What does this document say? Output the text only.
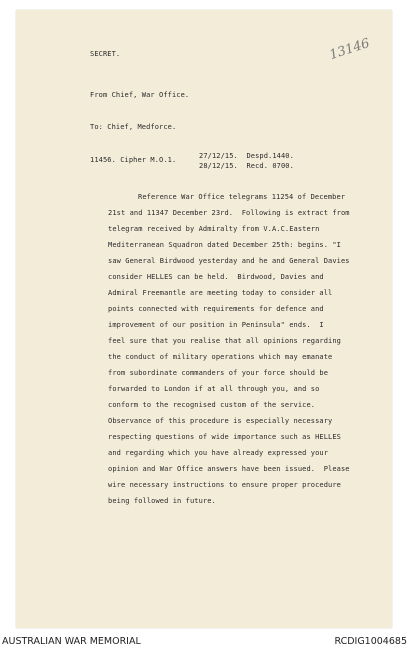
SECRET.	13146
From Chief, War Office.
To: Chief, Medforce.
11456. Cipher M.O.1.	27/12/15.  Despd.1440.
28/12/15.  Recd. 0700.
Reference War Office telegrams 11254 of December
21st and 11347 December 23rd.  Following is extract from
telegram received by Admiralty from V.A.C.Eastern
Mediterranean Squadron dated December 25th: begins. "I
saw General Birdwood yesterday and he and General Davies
consider HELLES can be held.  Birdwood, Davies and
Admiral Freemantle are meeting today to consider all
points connected with requirements for defence and
improvement of our position in Peninsula" ends.  I
feel sure that you realise that all opinions regarding
the conduct of military operations which may emanate
from subordinate commanders of your force should be
forwarded to London if at all through you, and so
conform to the recognised custom of the service.
Observance of this procedure is especially necessary
respecting questions of wide importance such as HELLES
and regarding which you have already expressed your
opinion and War Office answers have been issued.  Please
wire necessary instructions to ensure proper procedure
being followed in future.
AUSTRALIAN WAR MEMORIAL	RCDIG1004685
